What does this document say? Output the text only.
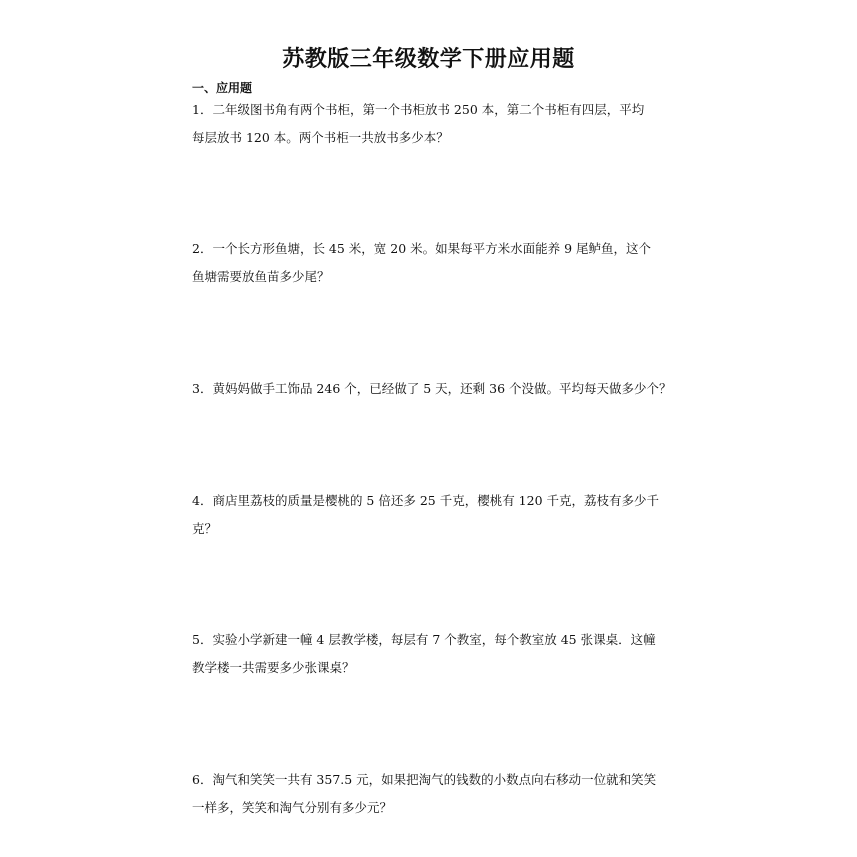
苏教版三年级数学下册应用题
一、应用题
1．二年级图书角有两个书柜，第一个书柜放书 250 本，第二个书柜有四层，平均
每层放书 120 本。两个书柜一共放书多少本？
2．一个长方形鱼塘，长 45 米，宽 20 米。如果每平方米水面能养 9 尾鲈鱼，这个
鱼塘需要放鱼苗多少尾？
3．黄妈妈做手工饰品 246 个，已经做了 5 天，还剩 36 个没做。平均每天做多少个？
4．商店里荔枝的质量是樱桃的 5 倍还多 25 千克，樱桃有 120 千克，荔枝有多少千
克？
5．实验小学新建一幢 4 层教学楼，每层有 7 个教室，每个教室放 45 张课桌．这幢
教学楼一共需要多少张课桌？
6．淘气和笑笑一共有 357.5 元，如果把淘气的钱数的小数点向右移动一位就和笑笑
一样多，笑笑和淘气分别有多少元？
